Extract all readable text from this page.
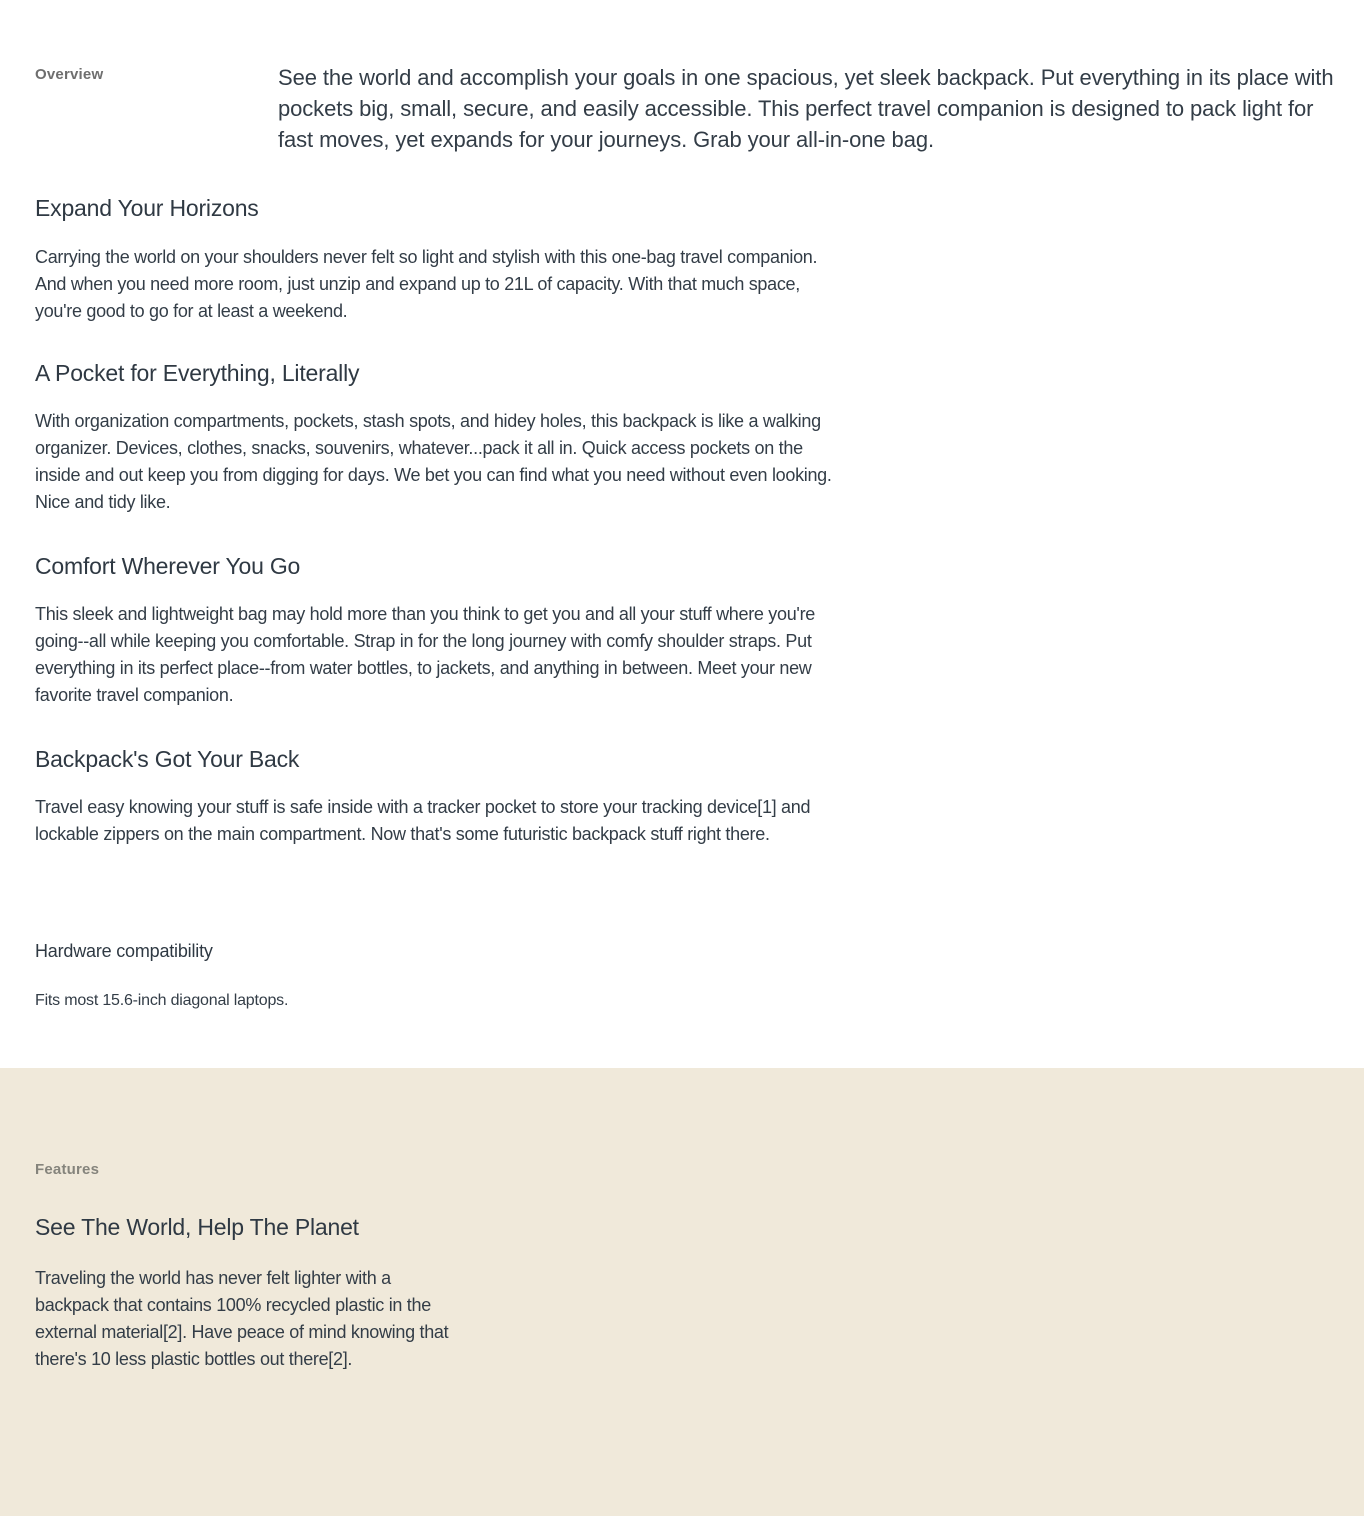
Overview	See the world and accomplish your goals in one spacious, yet sleek backpack. Put everything in its place with pockets big, small, secure, and easily accessible. This perfect travel companion is designed to pack light for fast moves, yet expands for your journeys. Grab your all-in-one bag.

Expand Your Horizons

Carrying the world on your shoulders never felt so light and stylish with this one-bag travel companion. And when you need more room, just unzip and expand up to 21L of capacity. With that much space, you're good to go for at least a weekend.

A Pocket for Everything, Literally

With organization compartments, pockets, stash spots, and hidey holes, this backpack is like a walking organizer. Devices, clothes, snacks, souvenirs, whatever...pack it all in. Quick access pockets on the inside and out keep you from digging for days. We bet you can find what you need without even looking. Nice and tidy like.

Comfort Wherever You Go

This sleek and lightweight bag may hold more than you think to get you and all your stuff where you're going--all while keeping you comfortable. Strap in for the long journey with comfy shoulder straps. Put everything in its perfect place--from water bottles, to jackets, and anything in between. Meet your new favorite travel companion.

Backpack's Got Your Back

Travel easy knowing your stuff is safe inside with a tracker pocket to store your tracking device[1] and lockable zippers on the main compartment. Now that's some futuristic backpack stuff right there.

Hardware compatibility

Fits most 15.6-inch diagonal laptops.

Features
See The World, Help The Planet

Traveling the world has never felt lighter with a backpack that contains 100% recycled plastic in the external material[2]. Have peace of mind knowing that there's 10 less plastic bottles out there[2].
